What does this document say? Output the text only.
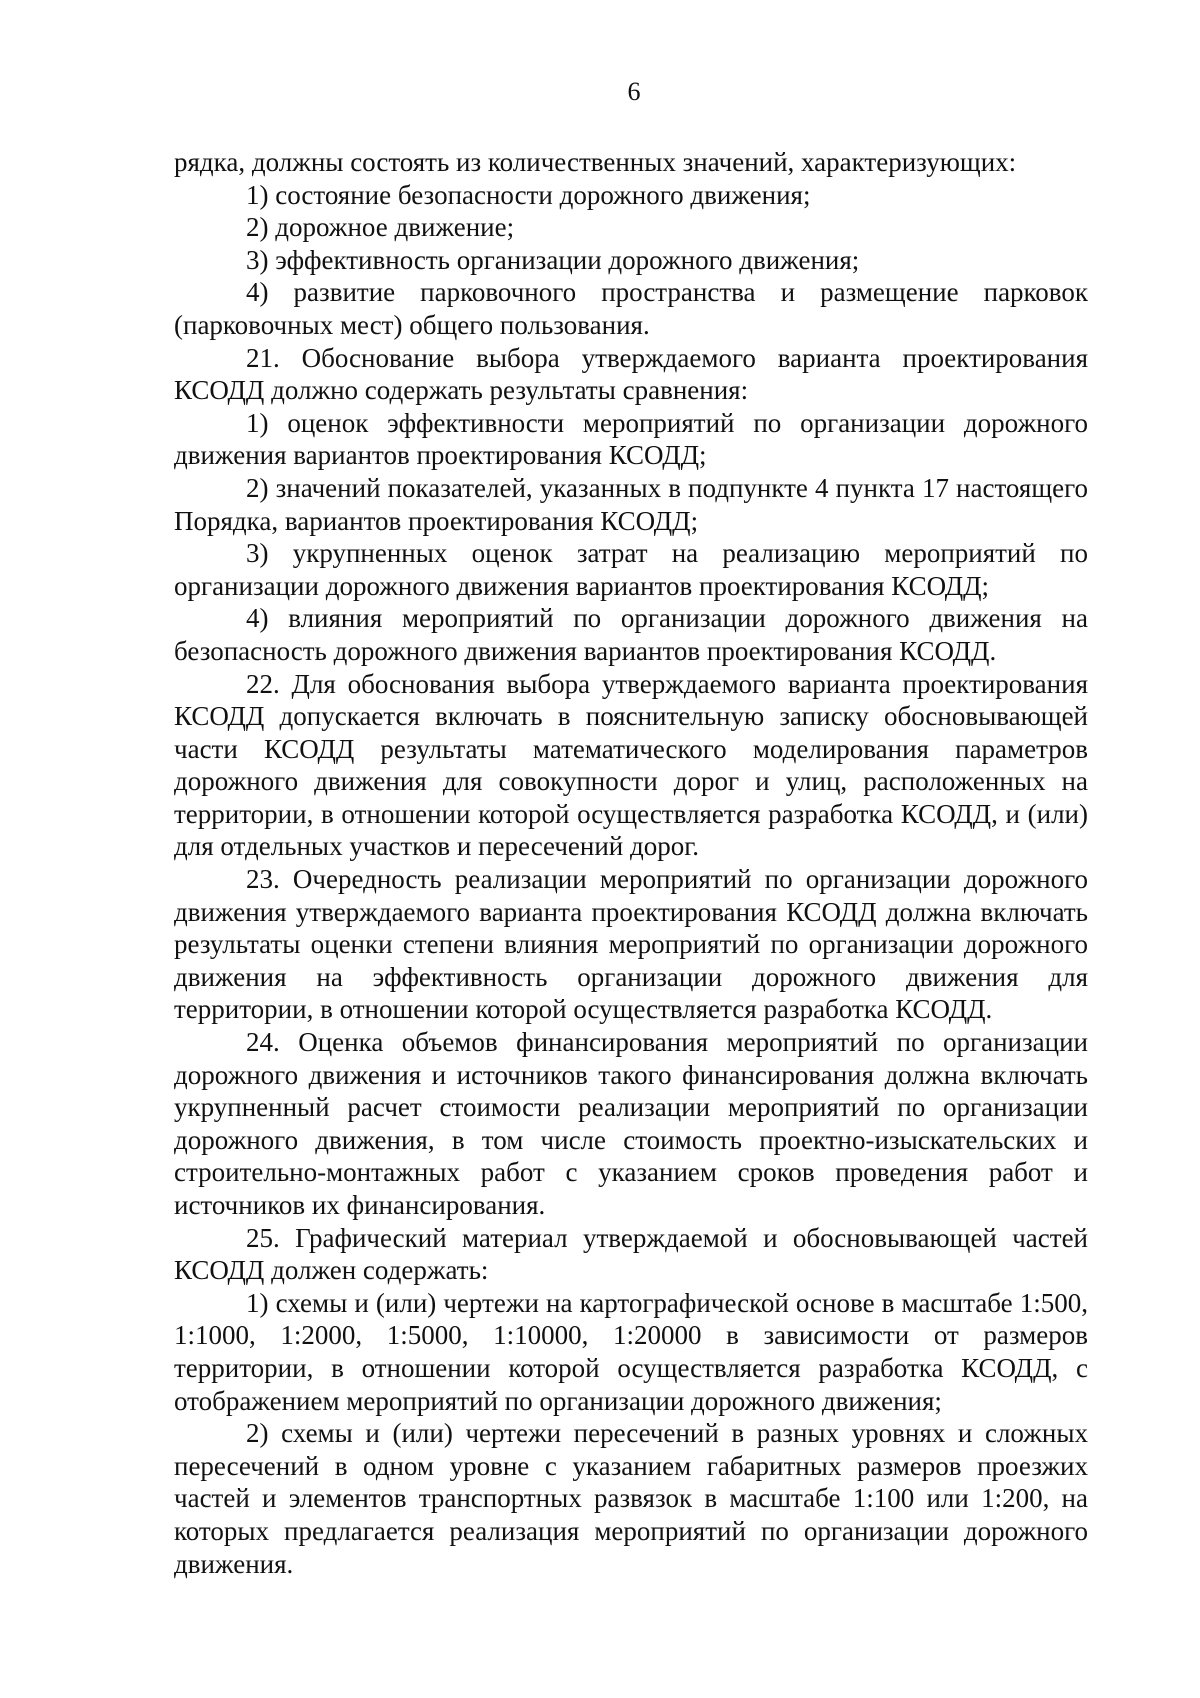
6

рядка, должны состоять из количественных значений, характеризующих:

1) состояние безопасности дорожного движения;

2) дорожное движение;

3) эффективность организации дорожного движения;

4) развитие парковочного пространства и размещение парковок (парковочных мест) общего пользования.

21. Обоснование выбора утверждаемого варианта проектирования КСОДД должно содержать результаты сравнения:

1) оценок эффективности мероприятий по организации дорожного движения вариантов проектирования КСОДД;

2) значений показателей, указанных в подпункте 4 пункта 17 настоящего Порядка, вариантов проектирования КСОДД;

3) укрупненных оценок затрат на реализацию мероприятий по организации дорожного движения вариантов проектирования КСОДД;

4) влияния мероприятий по организации дорожного движения на безопасность дорожного движения вариантов проектирования КСОДД.

22. Для обоснования выбора утверждаемого варианта проектирования КСОДД допускается включать в пояснительную записку обосновывающей части КСОДД результаты математического моделирования параметров дорожного движения для совокупности дорог и улиц, расположенных на территории, в отношении которой осуществляется разработка КСОДД, и (или) для отдельных участков и пересечений дорог.

23. Очередность реализации мероприятий по организации дорожного движения утверждаемого варианта проектирования КСОДД должна включать результаты оценки степени влияния мероприятий по организации дорожного движения на эффективность организации дорожного движения для территории, в отношении которой осуществляется разработка КСОДД.

24. Оценка объемов финансирования мероприятий по организации дорожного движения и источников такого финансирования должна включать укрупненный расчет стоимости реализации мероприятий по организации дорожного движения, в том числе стоимость проектно-изыскательских и строительно-монтажных работ с указанием сроков проведения работ и источников их финансирования.

25. Графический материал утверждаемой и обосновывающей частей КСОДД должен содержать:

1) схемы и (или) чертежи на картографической основе в масштабе 1:500, 1:1000, 1:2000, 1:5000, 1:10000, 1:20000 в зависимости от размеров территории, в отношении которой осуществляется разработка КСОДД, с отображением мероприятий по организации дорожного движения;

2) схемы и (или) чертежи пересечений в разных уровнях и сложных пересечений в одном уровне с указанием габаритных размеров проезжих частей и элементов транспортных развязок в масштабе 1:100 или 1:200, на которых предлагается реализация мероприятий по организации дорожного движения.
